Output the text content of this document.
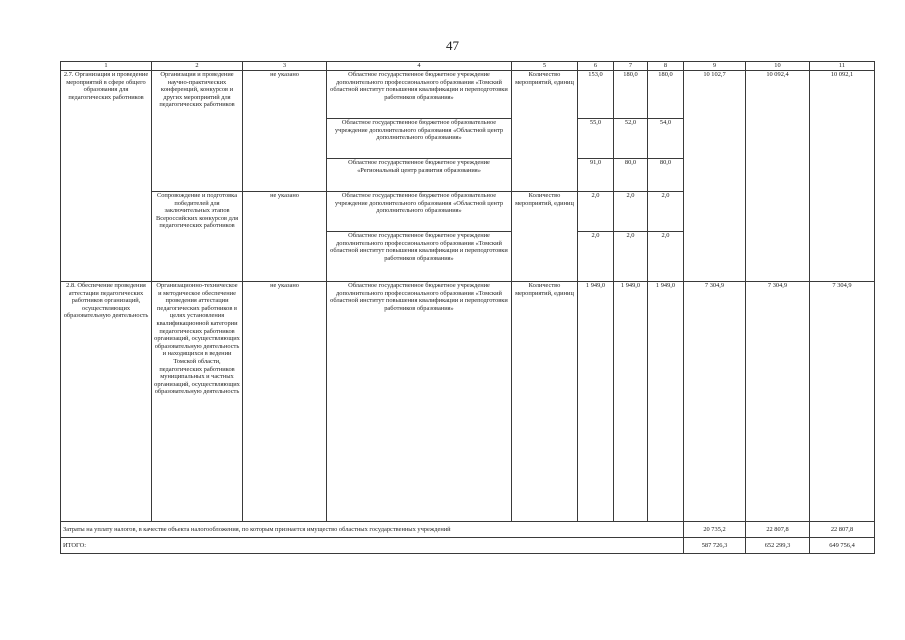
47
1	2	3	4	5	6	7	8	9	10	11
2.7. Организация и проведение мероприятий в сфере общего образования для педагогических работников	Организация и проведение научно-практических конференций, конкурсов и других мероприятий для педагогических работников	не указано	Областное государственное бюджетное учреждение дополнительного профессионального образования «Томский областной институт повышения квалификации и переподготовки работников образования»	Количество мероприятий, единиц	153,0	180,0	180,0	10 102,7	10 092,4	10 092,1
			Областное государственное бюджетное образовательное учреждение дополнительного образования «Областной центр дополнительного образования»		55,0	52,0	54,0			
			Областное государственное бюджетное учреждение «Региональный центр развития образования»		91,0	80,0	80,0			
	Сопровождение и подготовка победителей для заключительных этапов Всероссийских конкурсов для педагогических работников	не указано	Областное государственное бюджетное образовательное учреждение дополнительного образования «Областной центр дополнительного образования»	Количество мероприятий, единиц	2,0	2,0	2,0			
			Областное государственное бюджетное учреждение дополнительного профессионального образования «Томский областной институт повышения квалификации и переподготовки работников образования»		2,0	2,0	2,0			
2.8. Обеспечение проведения аттестации педагогических работников организаций, осуществляющих образовательную деятельность	Организационно-техническое и методическое обеспечение проведения аттестации педагогических работников в целях установления квалификационной категории педагогических работников организаций, осуществляющих образовательную деятельность и находящихся в ведении Томской области, педагогических работников муниципальных и частных организаций, осуществляющих образовательную деятельность	не указано	Областное государственное бюджетное учреждение дополнительного профессионального образования «Томский областной институт повышения квалификации и переподготовки работников образования»	Количество мероприятий, единиц	1 949,0	1 949,0	1 949,0	7 304,9	7 304,9	7 304,9
Затраты на уплату налогов, в качестве объекта налогообложения, по которым признается имущество областных государственных учреждений								20 735,2	22 807,8	22 807,8
ИТОГО:								587 726,3	652 299,3	649 756,4
